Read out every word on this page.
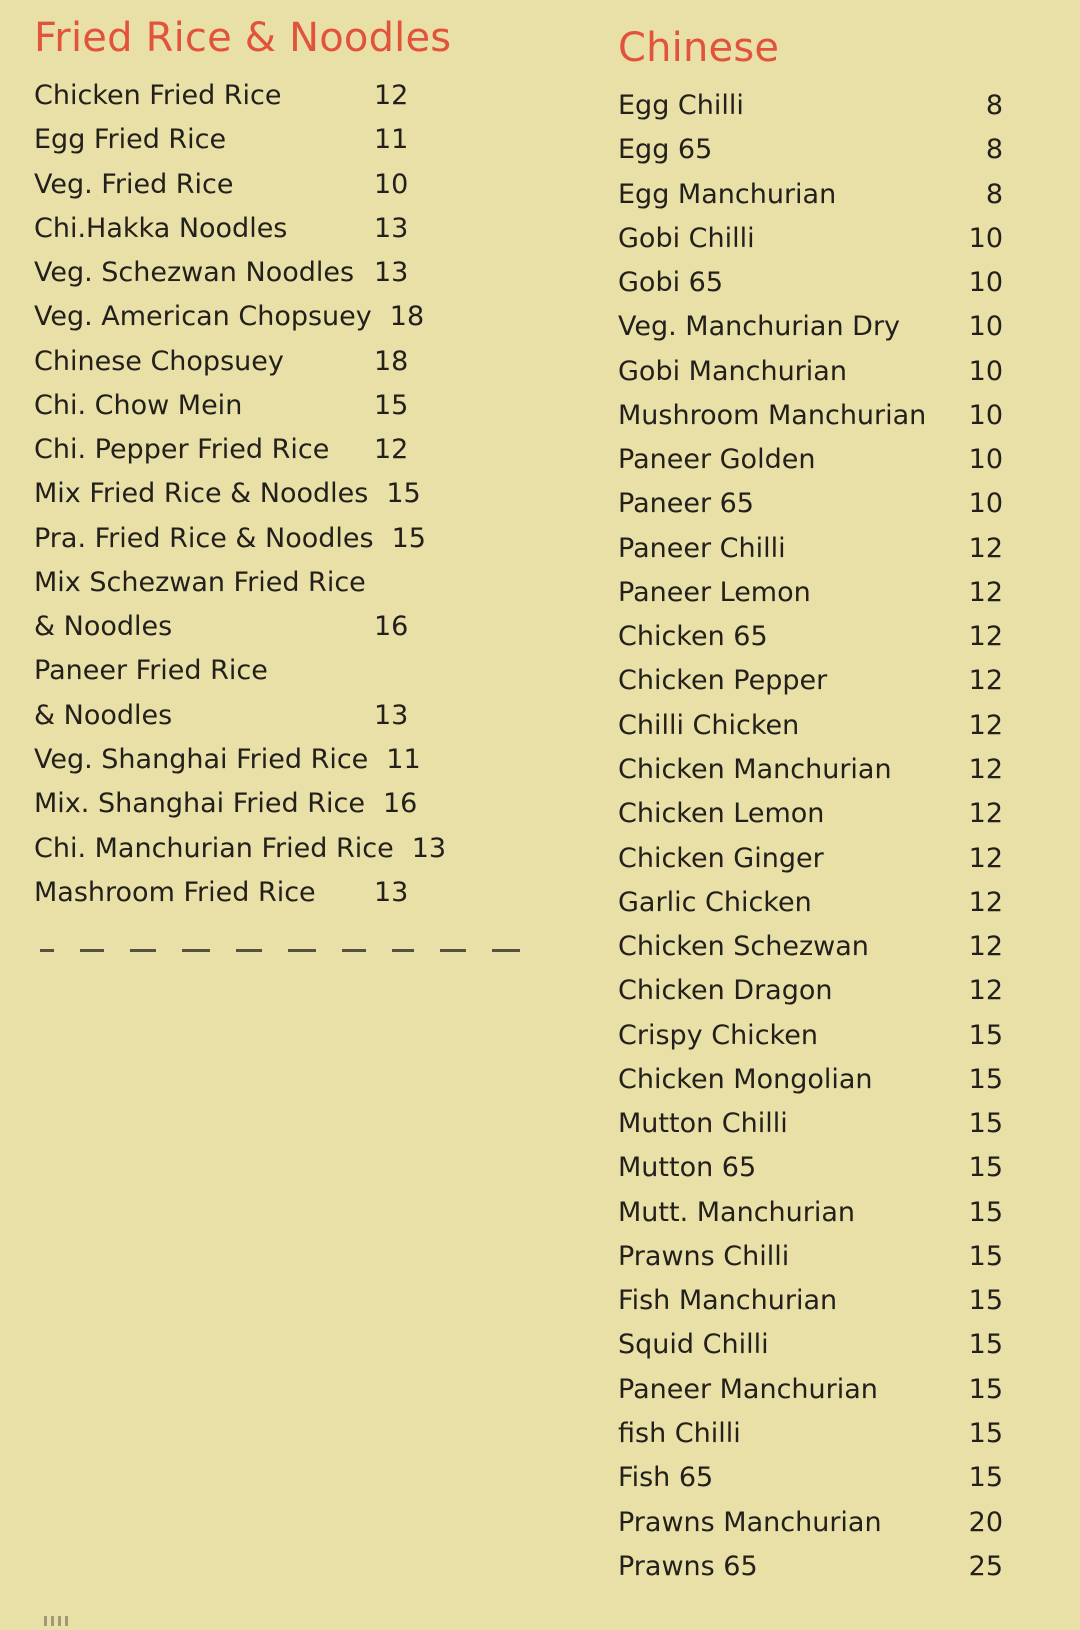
Fried Rice & Noodles
Chicken Fried Rice	12
Egg Fried Rice	11
Veg. Fried Rice	10
Chi.Hakka Noodles	13
Veg. Schezwan Noodles 13
Veg. American Chopsuey 18
Chinese Chopsuey	18
Chi. Chow Mein	15
Chi. Pepper Fried Rice	12
Mix Fried Rice & Noodles 15
Pra. Fried Rice & Noodles 15
Mix Schezwan Fried Rice
& Noodles	16
Paneer Fried Rice
& Noodles	13
Veg. Shanghai Fried Rice 11
Mix. Shanghai Fried Rice 16
Chi. Manchurian Fried Rice 13
Mashroom Fried Rice	13
Chinese
Egg Chilli	8
Egg 65	8
Egg Manchurian	8
Gobi Chilli	10
Gobi 65	10
Veg. Manchurian Dry	10
Gobi Manchurian	10
Mushroom Manchurian 10
Paneer Golden	10
Paneer 65	10
Paneer Chilli	12
Paneer Lemon	12
Chicken 65	12
Chicken Pepper	12
Chilli Chicken	12
Chicken Manchurian	12
Chicken Lemon	12
Chicken Ginger	12
Garlic Chicken	12
Chicken Schezwan	12
Chicken Dragon	12
Crispy Chicken	15
Chicken Mongolian	15
Mutton Chilli	15
Mutton 65	15
Mutt. Manchurian	15
Prawns Chilli	15
Fish Manchurian	15
Squid Chilli	15
Paneer Manchurian	15
fish Chilli	15
Fish 65	15
Prawns Manchurian	20
Prawns 65	25
